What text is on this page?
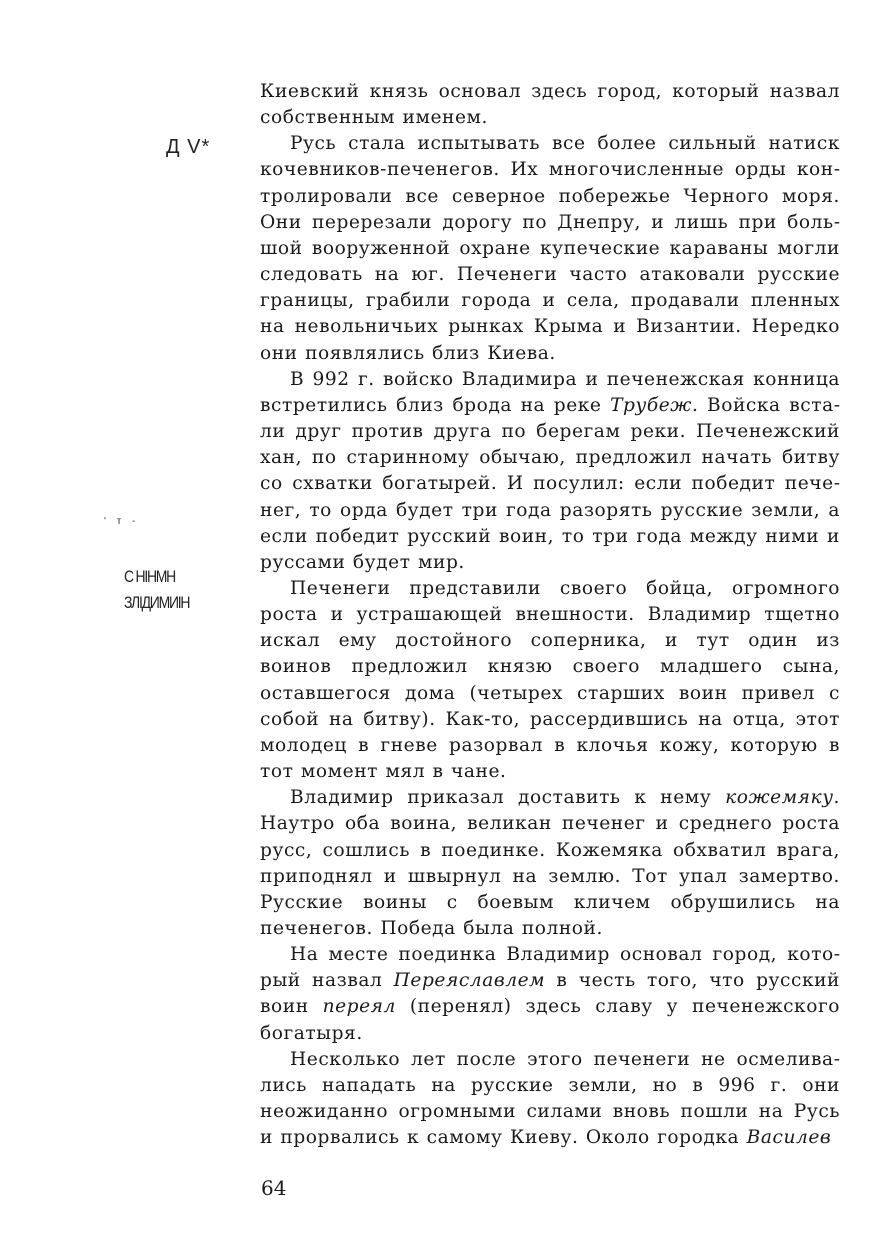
Д V*

' т -

С НІНМН
ЗЛІДИМИІН

Киевский князь основал здесь город, который назвал собственным именем.

Русь стала испытывать все более сильный натиск кочевников-печенегов. Их многочисленные орды контролировали все северное побережье Черного моря. Они перерезали дорогу по Днепру, и лишь при большой вооруженной охране купеческие караваны могли следовать на юг. Печенеги часто атаковали русские границы, грабили города и села, продавали пленных на невольничьих рынках Крыма и Византии. Нередко они появлялись близ Киева.

В 992 г. войско Владимира и печенежская конница встретились близ брода на реке Трубеж. Войска встали друг против друга по берегам реки. Печенежский хан, по старинному обычаю, предложил начать битву со схватки богатырей. И посулил: если победит печенег, то орда будет три года разорять русские земли, а если победит русский воин, то три года между ними и руссами будет мир.

Печенеги представили своего бойца, огромного роста и устрашающей внешности. Владимир тщетно искал ему достойного соперника, и тут один из воинов предложил князю своего младшего сына, оставшегося дома (четырех старших воин привел с собой на битву). Как-то, рассердившись на отца, этот молодец в гневе разорвал в клочья кожу, которую в тот момент мял в чане.

Владимир приказал доставить к нему кожемяку. Наутро оба воина, великан печенег и среднего роста русс, сошлись в поединке. Кожемяка обхватил врага, приподнял и швырнул на землю. Тот упал замертво. Русские воины с боевым кличем обрушились на печенегов. Победа была полной.

На месте поединка Владимир основал город, который назвал Переяславлем в честь того, что русский воин переял (перенял) здесь славу у печенежского богатыря.

Несколько лет после этого печенеги не осмеливались нападать на русские земли, но в 996 г. они неожиданно огромными силами вновь пошли на Русь и прорвались к самому Киеву. Около городка Василев

64
